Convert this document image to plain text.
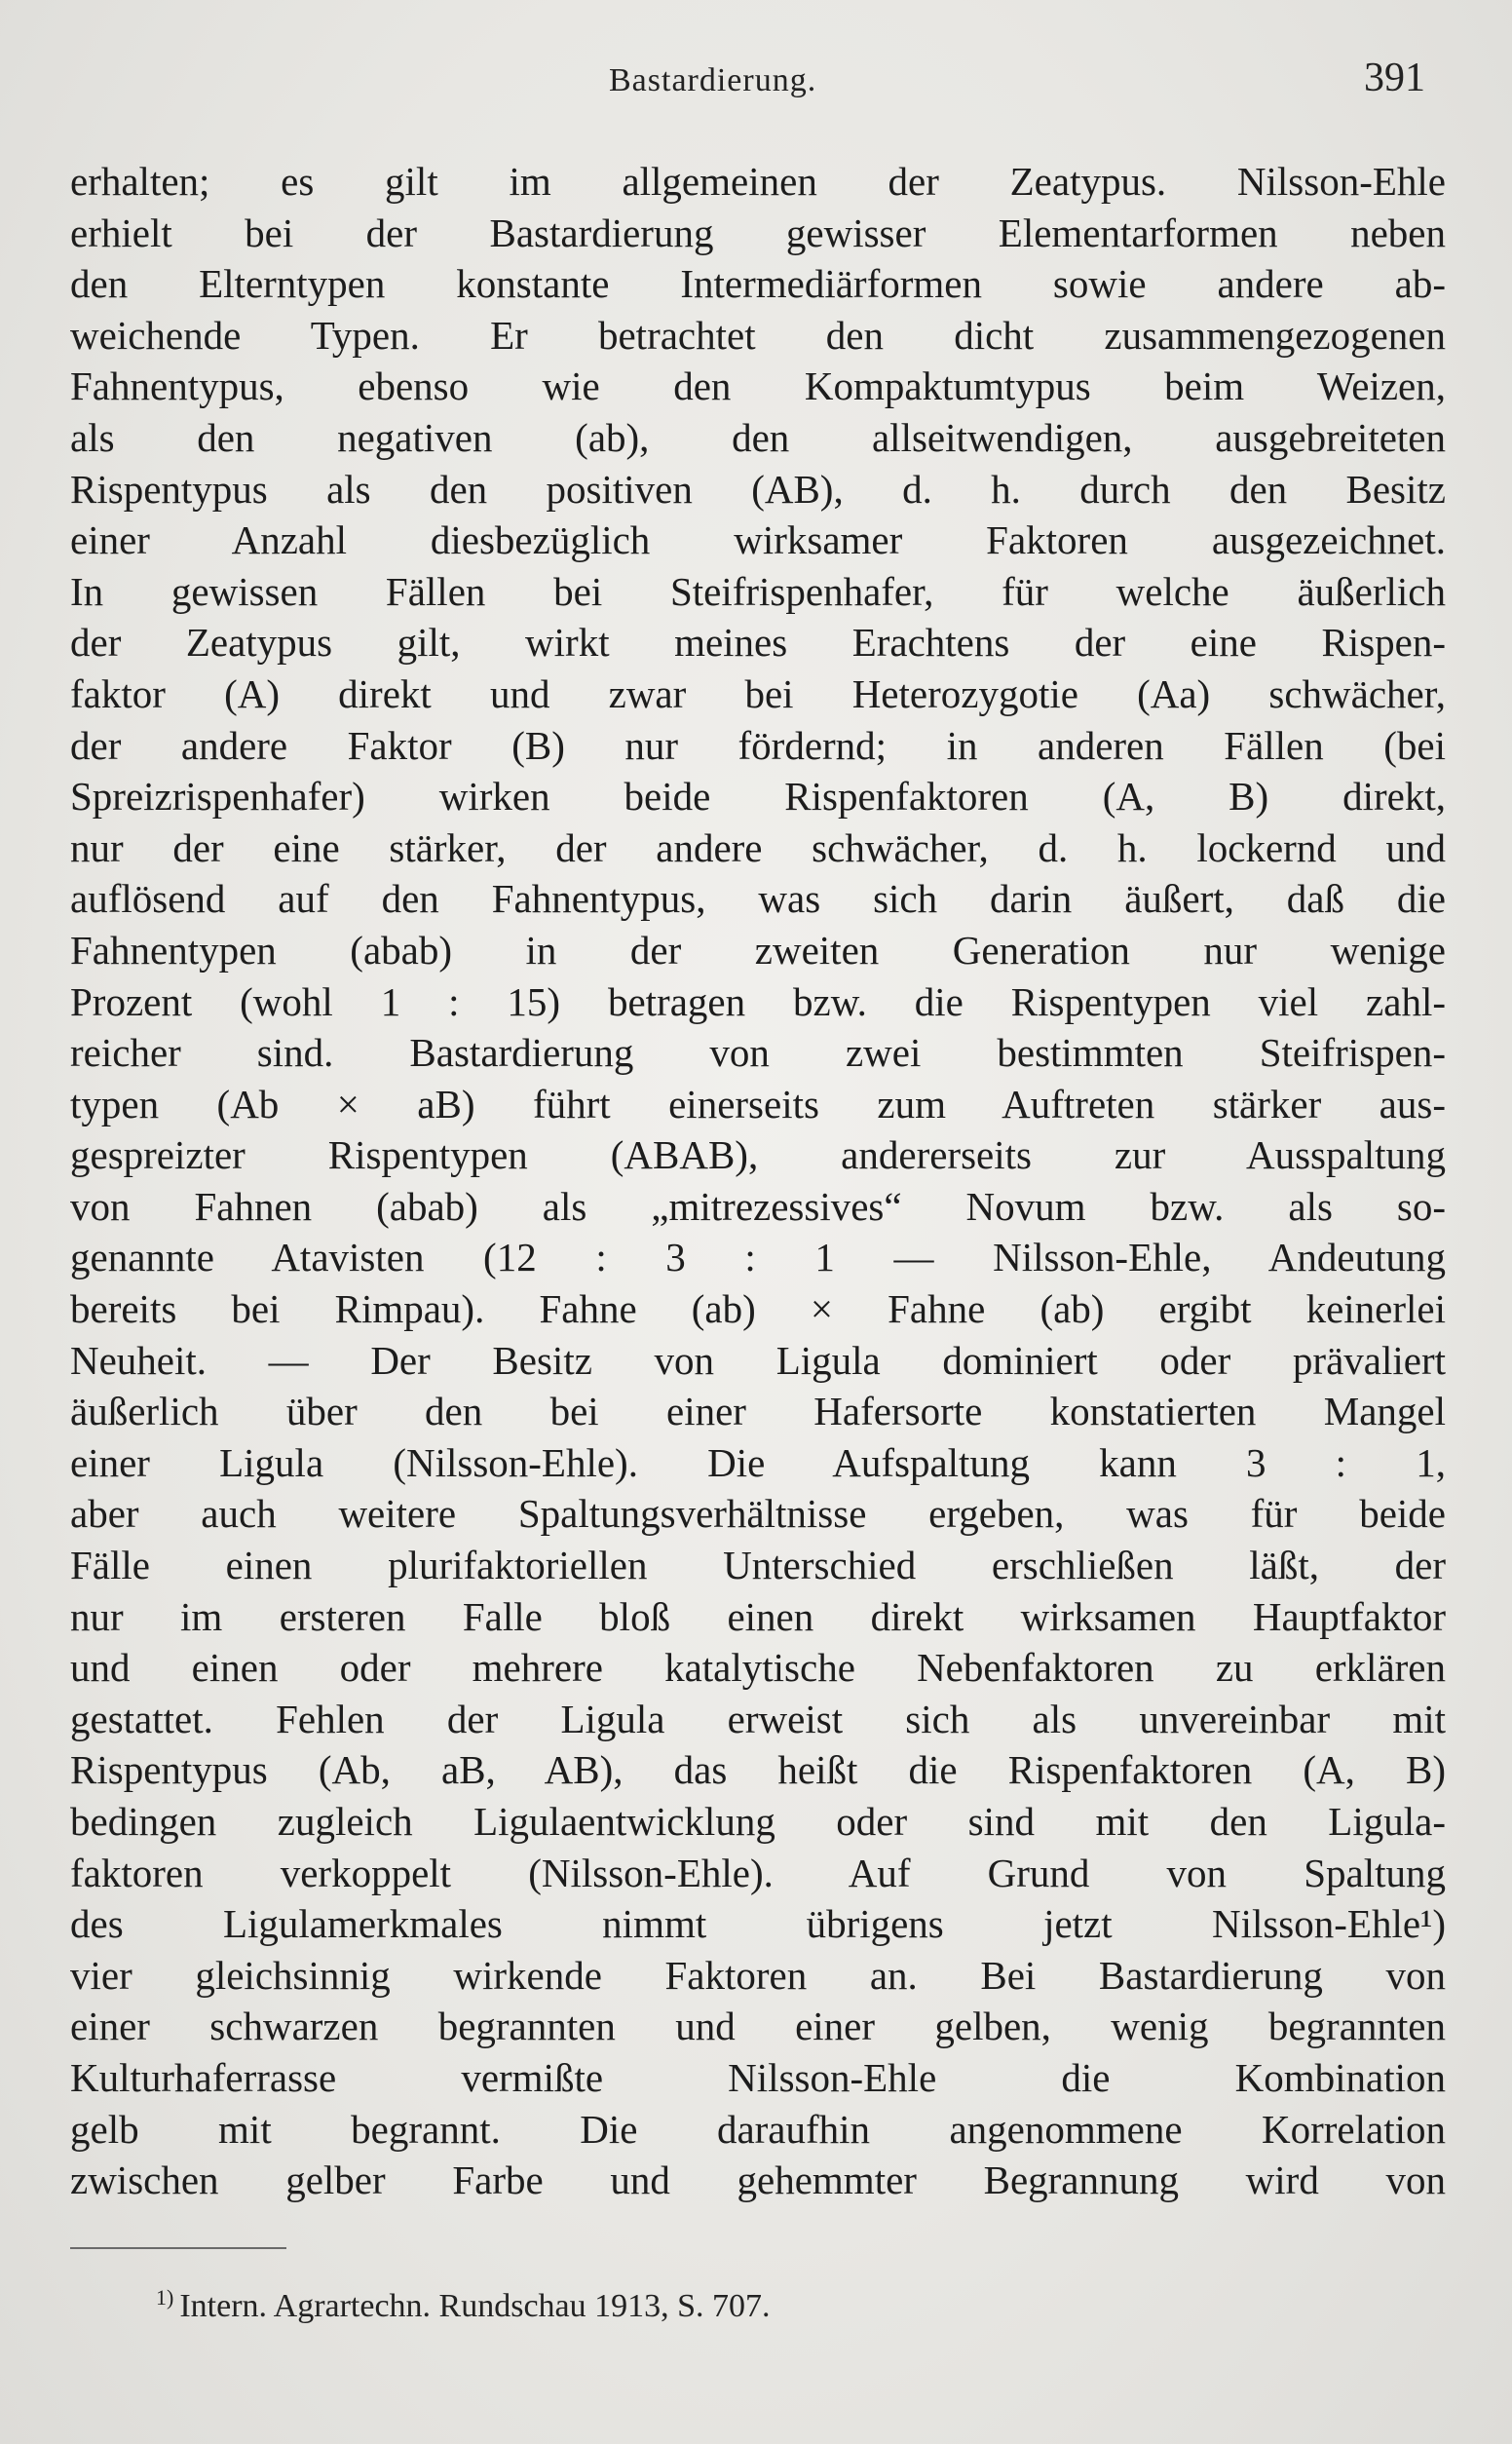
Bastardierung.	391
erhalten; es gilt im allgemeinen der Zeatypus. Nilsson-Ehle
erhielt bei der Bastardierung gewisser Elementarformen neben
den Elterntypen konstante Intermediärformen sowie andere ab-
weichende Typen. Er betrachtet den dicht zusammengezogenen
Fahnentypus, ebenso wie den Kompaktumtypus beim Weizen,
als den negativen (ab), den allseitwendigen, ausgebreiteten
Rispentypus als den positiven (AB), d. h. durch den Besitz
einer Anzahl diesbezüglich wirksamer Faktoren ausgezeichnet.
In gewissen Fällen bei Steifrispenhafer, für welche äußerlich
der Zeatypus gilt, wirkt meines Erachtens der eine Rispen-
faktor (A) direkt und zwar bei Heterozygotie (Aa) schwächer,
der andere Faktor (B) nur fördernd; in anderen Fällen (bei
Spreizrispenhafer) wirken beide Rispenfaktoren (A, B) direkt,
nur der eine stärker, der andere schwächer, d. h. lockernd und
auflösend auf den Fahnentypus, was sich darin äußert, daß die
Fahnentypen (abab) in der zweiten Generation nur wenige
Prozent (wohl 1 : 15) betragen bzw. die Rispentypen viel zahl-
reicher sind. Bastardierung von zwei bestimmten Steifrispen-
typen (Ab × aB) führt einerseits zum Auftreten stärker aus-
gespreizter Rispentypen (ABAB), andererseits zur Ausspaltung
von Fahnen (abab) als „mitrezessives“ Novum bzw. als so-
genannte Atavisten (12 : 3 : 1 — Nilsson-Ehle, Andeutung
bereits bei Rimpau). Fahne (ab) × Fahne (ab) ergibt keinerlei
Neuheit. — Der Besitz von Ligula dominiert oder prävaliert
äußerlich über den bei einer Hafersorte konstatierten Mangel
einer Ligula (Nilsson-Ehle). Die Aufspaltung kann 3 : 1,
aber auch weitere Spaltungsverhältnisse ergeben, was für beide
Fälle einen plurifaktoriellen Unterschied erschließen läßt, der
nur im ersteren Falle bloß einen direkt wirksamen Hauptfaktor
und einen oder mehrere katalytische Nebenfaktoren zu erklären
gestattet. Fehlen der Ligula erweist sich als unvereinbar mit
Rispentypus (Ab, aB, AB), das heißt die Rispenfaktoren (A, B)
bedingen zugleich Ligulaentwicklung oder sind mit den Ligula-
faktoren verkoppelt (Nilsson-Ehle). Auf Grund von Spaltung
des Ligulamerkmales nimmt übrigens jetzt Nilsson-Ehle¹)
vier gleichsinnig wirkende Faktoren an. Bei Bastardierung von
einer schwarzen begrannten und einer gelben, wenig begrannten
Kulturhaferrasse vermißte Nilsson-Ehle die Kombination
gelb mit begrannt. Die daraufhin angenommene Korrelation
zwischen gelber Farbe und gehemmter Begrannung wird von
$^{1)}$ Intern. Agrartechn. Rundschau 1913, S. 707.
